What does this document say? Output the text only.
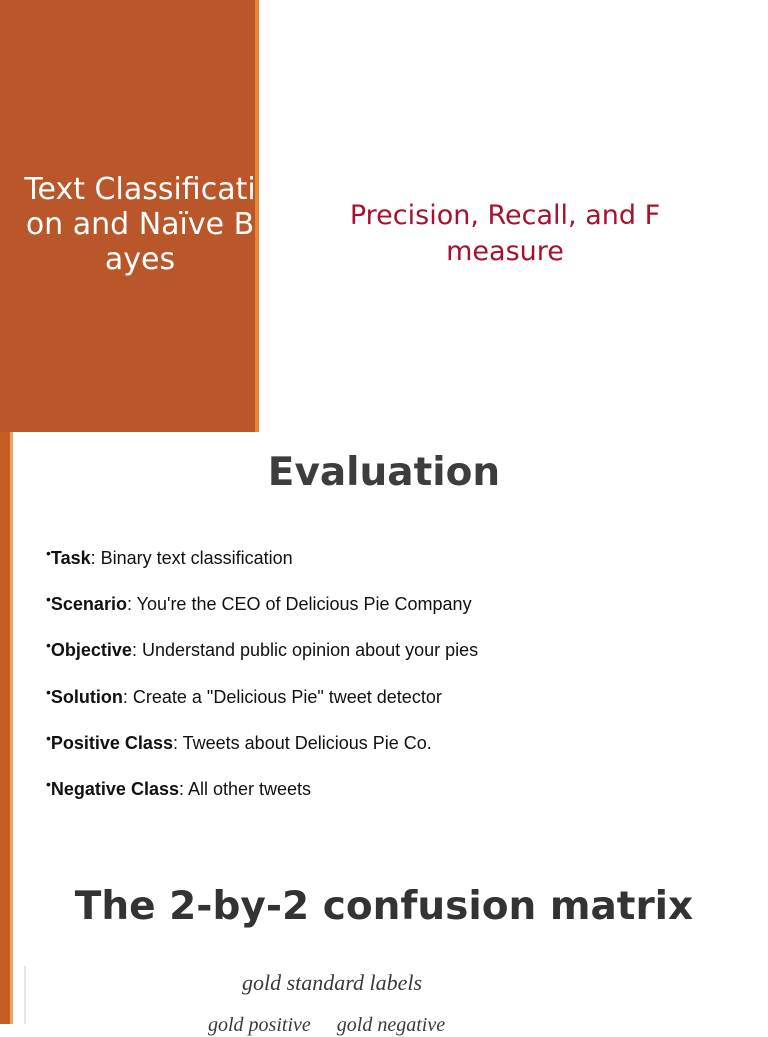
Text Classification and Naïve Bayes
Precision, Recall, and F measure
Evaluation
• Task : Binary text classification
• Scenario : You're the CEO of Delicious Pie Company
• Objective : Understand public opinion about your pies
• Solution : Create a "Delicious Pie" tweet detector
• Positive Class : Tweets about Delicious Pie Co.
• Negative Class : All other tweets
The 2-by-2 confusion matrix
gold standard labels
gold positive gold negative
